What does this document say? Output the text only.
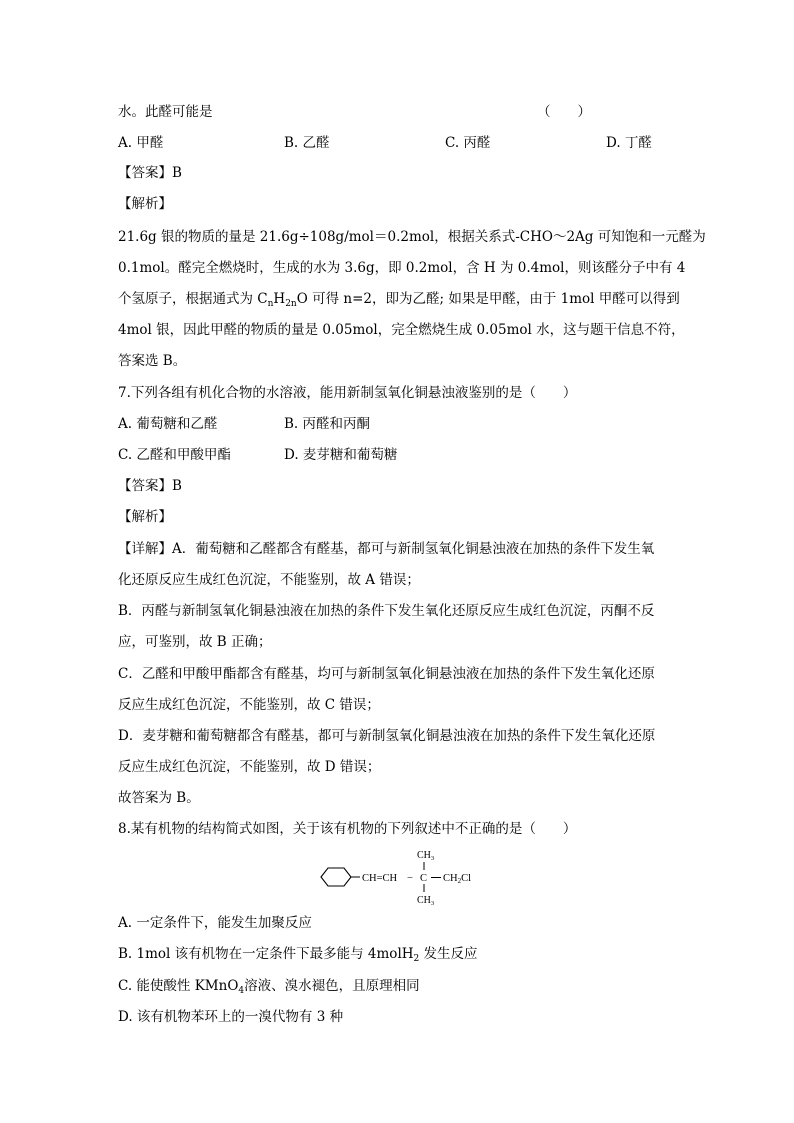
水。此醛可能是	（　　）
A. 甲醛	B. 乙醛	C. 丙醛	D. 丁醛
【答案】B
【解析】
21.6g 银的物质的量是 21.6g÷108g/mol＝0.2mol，根据关系式-CHO～2Ag 可知饱和一元醛为
0.1mol。醛完全燃烧时，生成的水为 3.6g，即 0.2mol，含 H 为 0.4mol，则该醛分子中有 4
个氢原子，根据通式为 $C_nH_{2n}O$ 可得 n=2，即为乙醛; 如果是甲醛，由于 1mol 甲醛可以得到
4mol 银，因此甲醛的物质的量是 0.05mol，完全燃烧生成 0.05mol 水，这与题干信息不符，
答案选 B。
7.下列各组有机化合物的水溶液，能用新制氢氧化铜悬浊液鉴别的是（　　）
A. 葡萄糖和乙醛	B. 丙醛和丙酮
C. 乙醛和甲酸甲酯	D. 麦芽糖和葡萄糖
【答案】B
【解析】
【详解】A．葡萄糖和乙醛都含有醛基，都可与新制氢氧化铜悬浊液在加热的条件下发生氧
化还原反应生成红色沉淀，不能鉴别，故 A 错误；
B．丙醛与新制氢氧化铜悬浊液在加热的条件下发生氧化还原反应生成红色沉淀，丙酮不反
应，可鉴别，故 B 正确；
C．乙醛和甲酸甲酯都含有醛基，均可与新制氢氧化铜悬浊液在加热的条件下发生氧化还原
反应生成红色沉淀，不能鉴别，故 C 错误；
D．麦芽糖和葡萄糖都含有醛基，都可与新制氢氧化铜悬浊液在加热的条件下发生氧化还原
反应生成红色沉淀，不能鉴别，故 D 错误；
故答案为 B。
8.某有机物的结构简式如图，关于该有机物的下列叙述中不正确的是（　　）
CH=CH − C CH2Cl
$CH_3$
$CH_3$
A. 一定条件下，能发生加聚反应
B. 1mol 该有机物在一定条件下最多能与 4molH$_2$ 发生反应
C. 能使酸性 KMnO$_4$溶液、溴水褪色，且原理相同
D. 该有机物苯环上的一溴代物有 3 种
